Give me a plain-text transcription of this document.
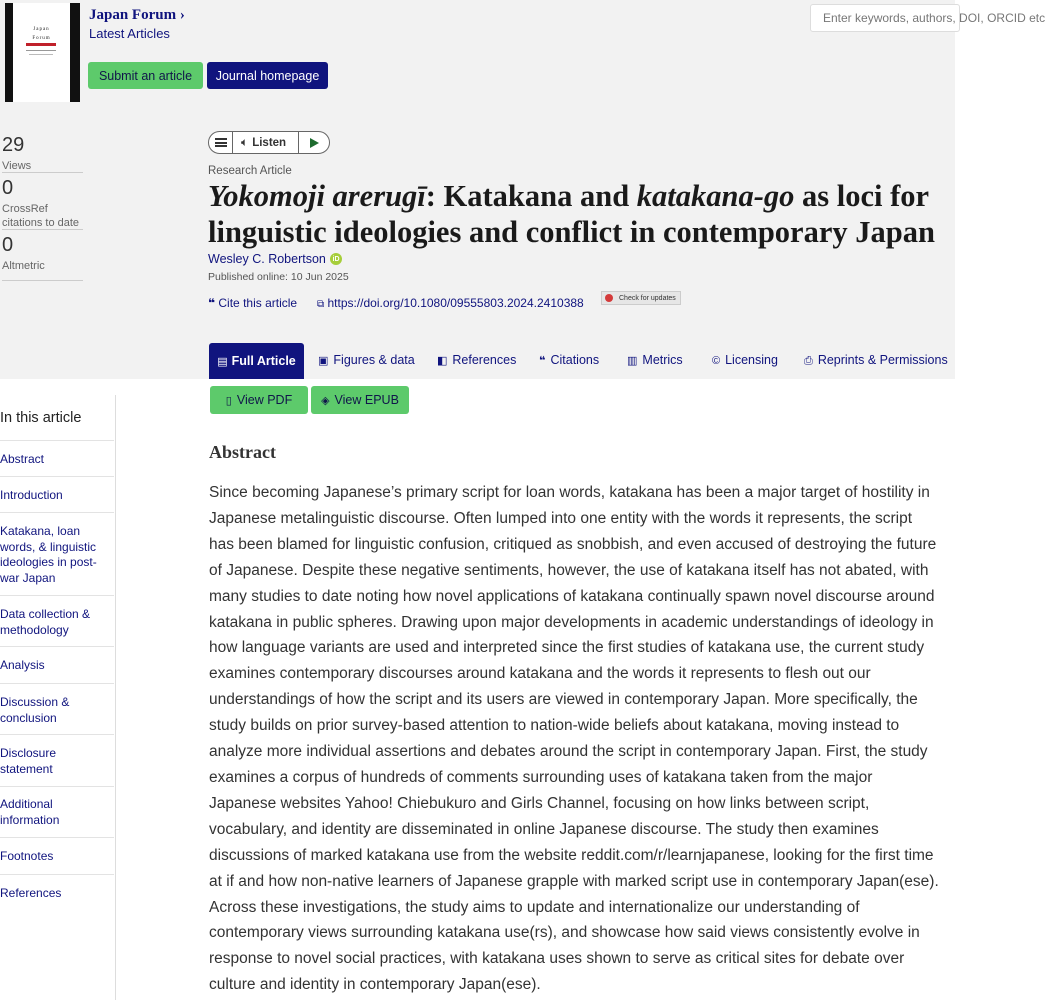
Japan
Forum
Japan Forum ›
Latest Articles
Submit an article	Journal homepage
Enter keywords, authors, DOI, ORCID etc
29
Views
0
CrossRef citations to date
0
Altmetric
🔈︎ Listen
Research Article
Yokomoji arerugī: Katakana and katakana-go as loci for
linguistic ideologies and conflict in contemporary Japan
Wesley C. Robertson iD
Published online: 10 Jun 2025
❝ Cite this article ⧉ https://doi.org/10.1080/09555803.2024.2410388	Check for updates
▤ Full Article ▣ Figures & data ◧ References ❝ Citations	▥ Metrics	© Licensing ⎙ Reprints & Permissions
▯ View PDF	◈ View EPUB
In this article
Abstract
Introduction
Katakana, loan words, & linguistic ideologies in post-war Japan
Data collection & methodology
Analysis
Discussion & conclusion
Disclosure statement
Additional information
Footnotes
References
Abstract
Since becoming Japanese’s primary script for loan words, katakana has been a major target of hostility in Japanese metalinguistic discourse. Often lumped into one entity with the words it represents, the script has been blamed for linguistic confusion, critiqued as snobbish, and even accused of destroying the future of Japanese. Despite these negative sentiments, however, the use of katakana itself has not abated, with many studies to date noting how novel applications of katakana continually spawn novel discourse around katakana in public spheres. Drawing upon major developments in academic understandings of ideology in how language variants are used and interpreted since the first studies of katakana use, the current study examines contemporary discourses around katakana and the words it represents to flesh out our understandings of how the script and its users are viewed in contemporary Japan. More specifically, the study builds on prior survey-based attention to nation-wide beliefs about katakana, moving instead to analyze more individual assertions and debates around the script in contemporary Japan. First, the study examines a corpus of hundreds of comments surrounding uses of katakana taken from the major Japanese websites Yahoo! Chiebukuro and Girls Channel, focusing on how links between script, vocabulary, and identity are disseminated in online Japanese discourse. The study then examines discussions of marked katakana use from the website reddit.com/r/learnjapanese, looking for the first time at if and how non-native learners of Japanese grapple with marked script use in contemporary Japan(ese). Across these investigations, the study aims to update and internationalize our understanding of contemporary views surrounding katakana use(rs), and showcase how said views consistently evolve in response to novel social practices, with katakana uses shown to serve as critical sites for debate over culture and identity in contemporary Japan(ese).
